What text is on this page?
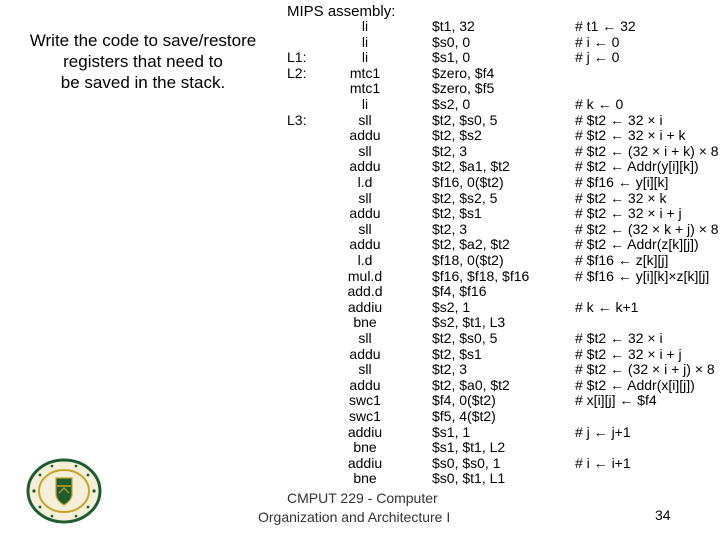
Write the code to save/restore
registers that need to
be saved in the stack.
MIPS assembly:
li	$t1, 32	# t1 ← 32
li	$s0, 0	# i ← 0
L1:	li	$s1, 0	# j ← 0
L2:	mtc1	$zero, $f4
mtc1	$zero, $f5
li	$s2, 0	# k ← 0
L3:	sll	$t2, $s0, 5	# $t2 ← 32 × i
addu	$t2, $s2	# $t2 ← 32 × i + k
sll	$t2, 3	# $t2 ← (32 × i + k) × 8
addu	$t2, $a1, $t2	# $t2 ← Addr(y[i][k])
l.d	$f16, 0($t2)	# $f16 ← y[i][k]
sll	$t2, $s2, 5	# $t2 ← 32 × k
addu	$t2, $s1	# $t2 ← 32 × i + j
sll	$t2, 3	# $t2 ← (32 × k + j) × 8
addu	$t2, $a2, $t2	# $t2 ← Addr(z[k][j])
l.d	$f18, 0($t2)	# $f16 ← z[k][j]
mul.d	$f16, $f18, $f16	# $f16 ← y[i][k]×z[k][j]
add.d	$f4, $f16
addiu	$s2, 1	# k ← k+1
bne	$s2, $t1, L3
sll	$t2, $s0, 5	# $t2 ← 32 × i
addu	$t2, $s1	# $t2 ← 32 × i + j
sll	$t2, 3	# $t2 ← (32 × i + j) × 8
addu	$t2, $a0, $t2	# $t2 ← Addr(x[i][j])
swc1	$f4, 0($t2)	# x[i][j] ← $f4
swc1	$f5, 4($t2)
addiu	$s1, 1	# j ← j+1
bne	$s1, $t1, L2
addiu	$s0, $s0, 1	# i ← i+1
bne	$s0, $t1, L1
CMPUT 229 - Computer
Organization and Architecture I	34
